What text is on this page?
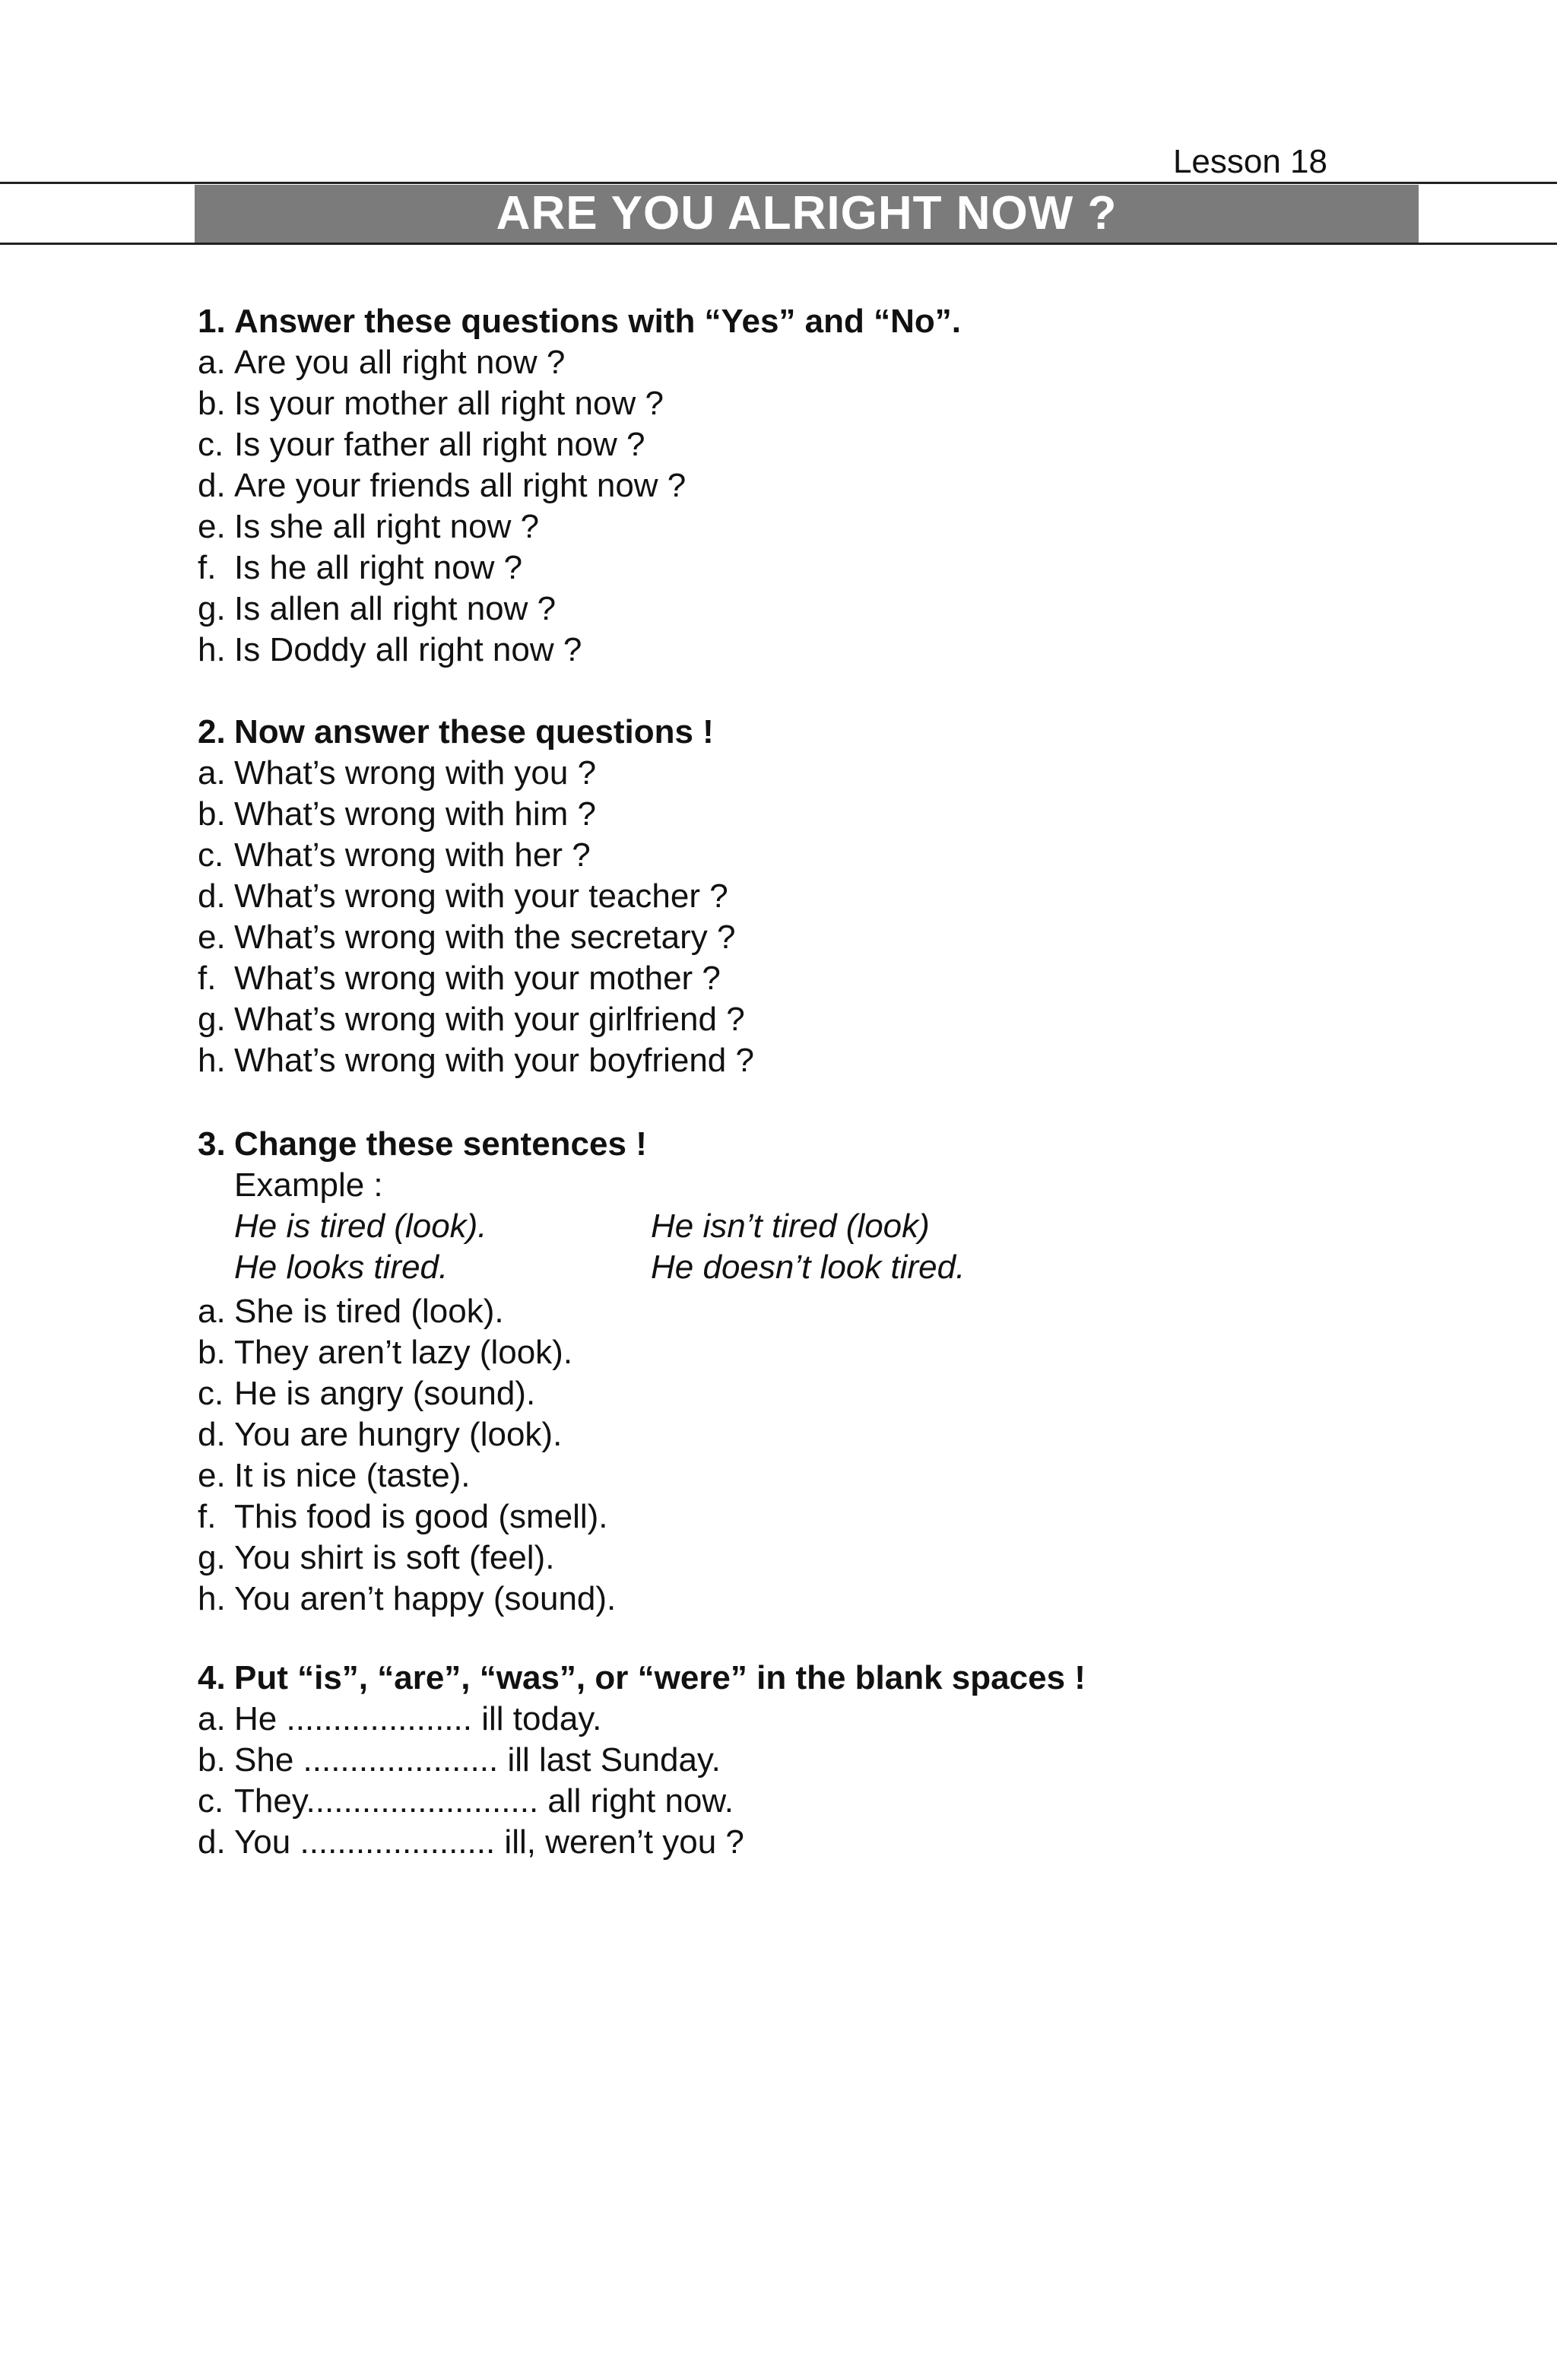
Lesson 18
ARE YOU ALRIGHT NOW ?
1. Answer these questions with “Yes” and “No”.
a. Are you all right now ?
b. Is your mother all right now ?
c. Is your father all right now ?
d. Are your friends all right now ?
e. Is she all right now ?
f. Is he all right now ?
g. Is allen all right now ?
h. Is Doddy all right now ?
2. Now answer these questions !
a. What’s wrong with you ?
b. What’s wrong with him ?
c. What’s wrong with her ?
d. What’s wrong with your teacher ?
e. What’s wrong with the secretary ?
f. What’s wrong with your mother ?
g. What’s wrong with your girlfriend ?
h. What’s wrong with your boyfriend ?
3. Change these sentences !
Example :
He is tired (look).	He isn’t tired (look)
He looks tired.	He doesn’t look tired.
a. She is tired (look).
b. They aren’t lazy (look).
c. He is angry (sound).
d. You are hungry (look).
e. It is nice (taste).
f. This food is good (smell).
g. You shirt is soft (feel).
h. You aren’t happy (sound).
4. Put “is”, “are”, “was”, or “were” in the blank spaces !
a. He .................... ill today.
b. She ..................... ill last Sunday.
c. They......................... all right now.
d. You ..................... ill, weren’t you ?
